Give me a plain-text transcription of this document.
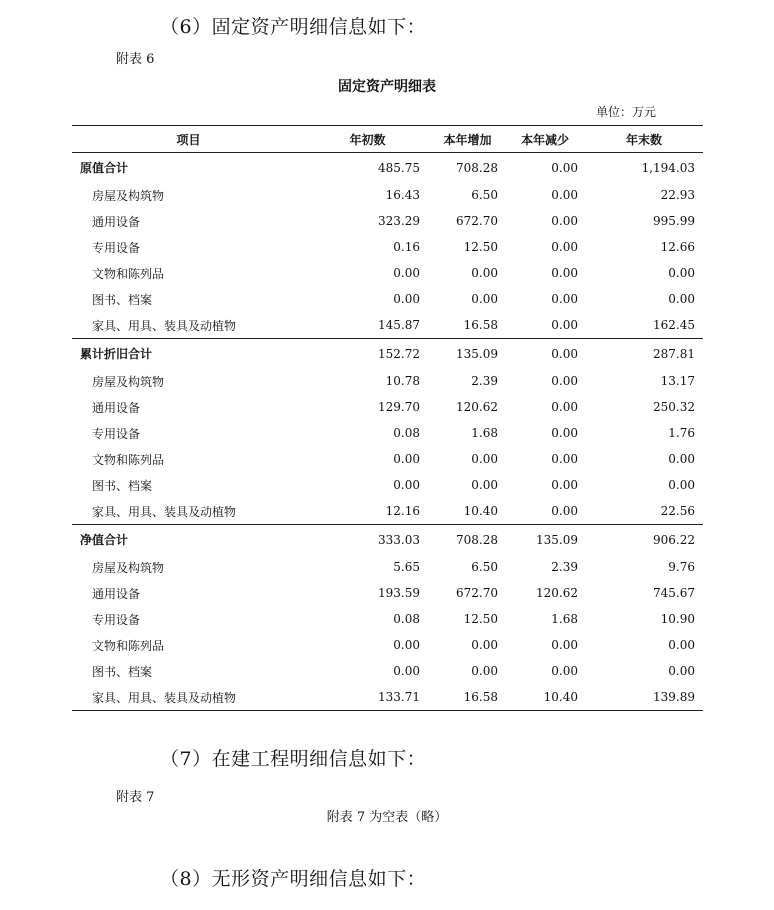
（6）固定资产明细信息如下：
附表 6
固定资产明细表
单位：万元
项目	年初数	本年增加	本年减少	年末数
原值合计	485.75	708.28	0.00	1,194.03
房屋及构筑物	16.43	6.50	0.00	22.93
通用设备	323.29	672.70	0.00	995.99
专用设备	0.16	12.50	0.00	12.66
文物和陈列品	0.00	0.00	0.00	0.00
图书、档案	0.00	0.00	0.00	0.00
家具、用具、装具及动植物	145.87	16.58	0.00	162.45
累计折旧合计	152.72	135.09	0.00	287.81
房屋及构筑物	10.78	2.39	0.00	13.17
通用设备	129.70	120.62	0.00	250.32
专用设备	0.08	1.68	0.00	1.76
文物和陈列品	0.00	0.00	0.00	0.00
图书、档案	0.00	0.00	0.00	0.00
家具、用具、装具及动植物	12.16	10.40	0.00	22.56
净值合计	333.03	708.28	135.09	906.22
房屋及构筑物	5.65	6.50	2.39	9.76
通用设备	193.59	672.70	120.62	745.67
专用设备	0.08	12.50	1.68	10.90
文物和陈列品	0.00	0.00	0.00	0.00
图书、档案	0.00	0.00	0.00	0.00
家具、用具、装具及动植物	133.71	16.58	10.40	139.89
（7）在建工程明细信息如下：
附表 7
附表 7 为空表（略）
（8）无形资产明细信息如下：
